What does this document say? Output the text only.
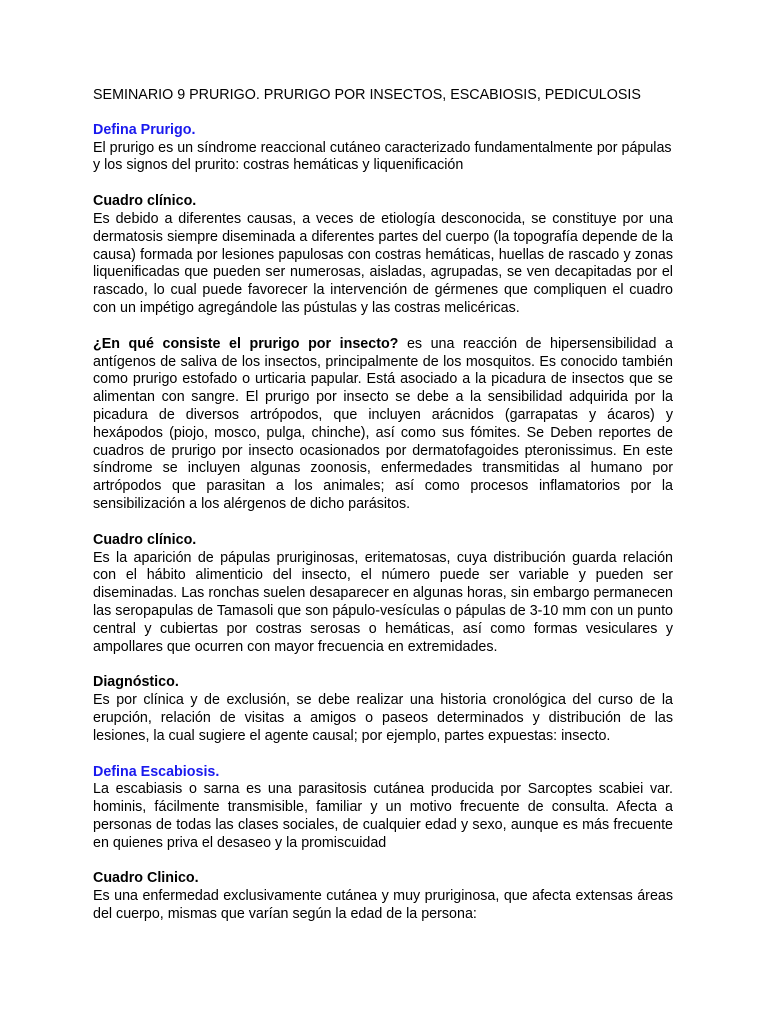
SEMINARIO 9 PRURIGO. PRURIGO POR INSECTOS, ESCABIOSIS, PEDICULOSIS

Defina Prurigo.

El prurigo es un síndrome reaccional cutáneo caracterizado fundamentalmente por pápulas y los signos del prurito: costras hemáticas y liquenificación

Cuadro clínico.

Es debido a diferentes causas, a veces de etiología desconocida, se constituye por una dermatosis siempre diseminada a diferentes partes del cuerpo (la topografía depende de la causa) formada por lesiones papulosas con costras hemáticas, huellas de rascado y zonas liquenificadas que pueden ser numerosas, aisladas, agrupadas, se ven decapitadas por el rascado, lo cual puede favorecer la intervención de gérmenes que compliquen el cuadro con un impétigo agregándole las pústulas y las costras melicéricas.

¿En qué consiste el prurigo por insecto? es una reacción de hipersensibilidad a antígenos de saliva de los insectos, principalmente de los mosquitos. Es conocido también como prurigo estofado o urticaria papular. Está asociado a la picadura de insectos que se alimentan con sangre. El prurigo por insecto se debe a la sensibilidad adquirida por la picadura de diversos artrópodos, que incluyen arácnidos (garrapatas y ácaros) y hexápodos (piojo, mosco, pulga, chinche), así como sus fómites. Se Deben reportes de cuadros de prurigo por insecto ocasionados por dermatofagoides pteronissimus. En este síndrome se incluyen algunas zoonosis, enfermedades transmitidas al humano por artrópodos que parasitan a los animales; así como procesos inflamatorios por la sensibilización a los alérgenos de dicho parásitos.

Cuadro clínico.

Es la aparición de pápulas pruriginosas, eritematosas, cuya distribución guarda relación con el hábito alimenticio del insecto, el número puede ser variable y pueden ser diseminadas. Las ronchas suelen desaparecer en algunas horas, sin embargo permanecen las seropapulas de Tamasoli que son pápulo-vesículas o pápulas de 3-10 mm con un punto central y cubiertas por costras serosas o hemáticas, así como formas vesiculares y ampollares que ocurren con mayor frecuencia en extremidades.

Diagnóstico.

Es por clínica y de exclusión, se debe realizar una historia cronológica del curso de la erupción, relación de visitas a amigos o paseos determinados y distribución de las lesiones, la cual sugiere el agente causal; por ejemplo, partes expuestas: insecto.

Defina Escabiosis.

La escabiasis o sarna es una parasitosis cutánea producida por Sarcoptes scabiei var. hominis, fácilmente transmisible, familiar y un motivo frecuente de consulta. Afecta a personas de todas las clases sociales, de cualquier edad y sexo, aunque es más frecuente en quienes priva el desaseo y la promiscuidad

Cuadro Clinico.

Es una enfermedad exclusivamente cutánea y muy pruriginosa, que afecta extensas áreas del cuerpo, mismas que varían según la edad de la persona:
